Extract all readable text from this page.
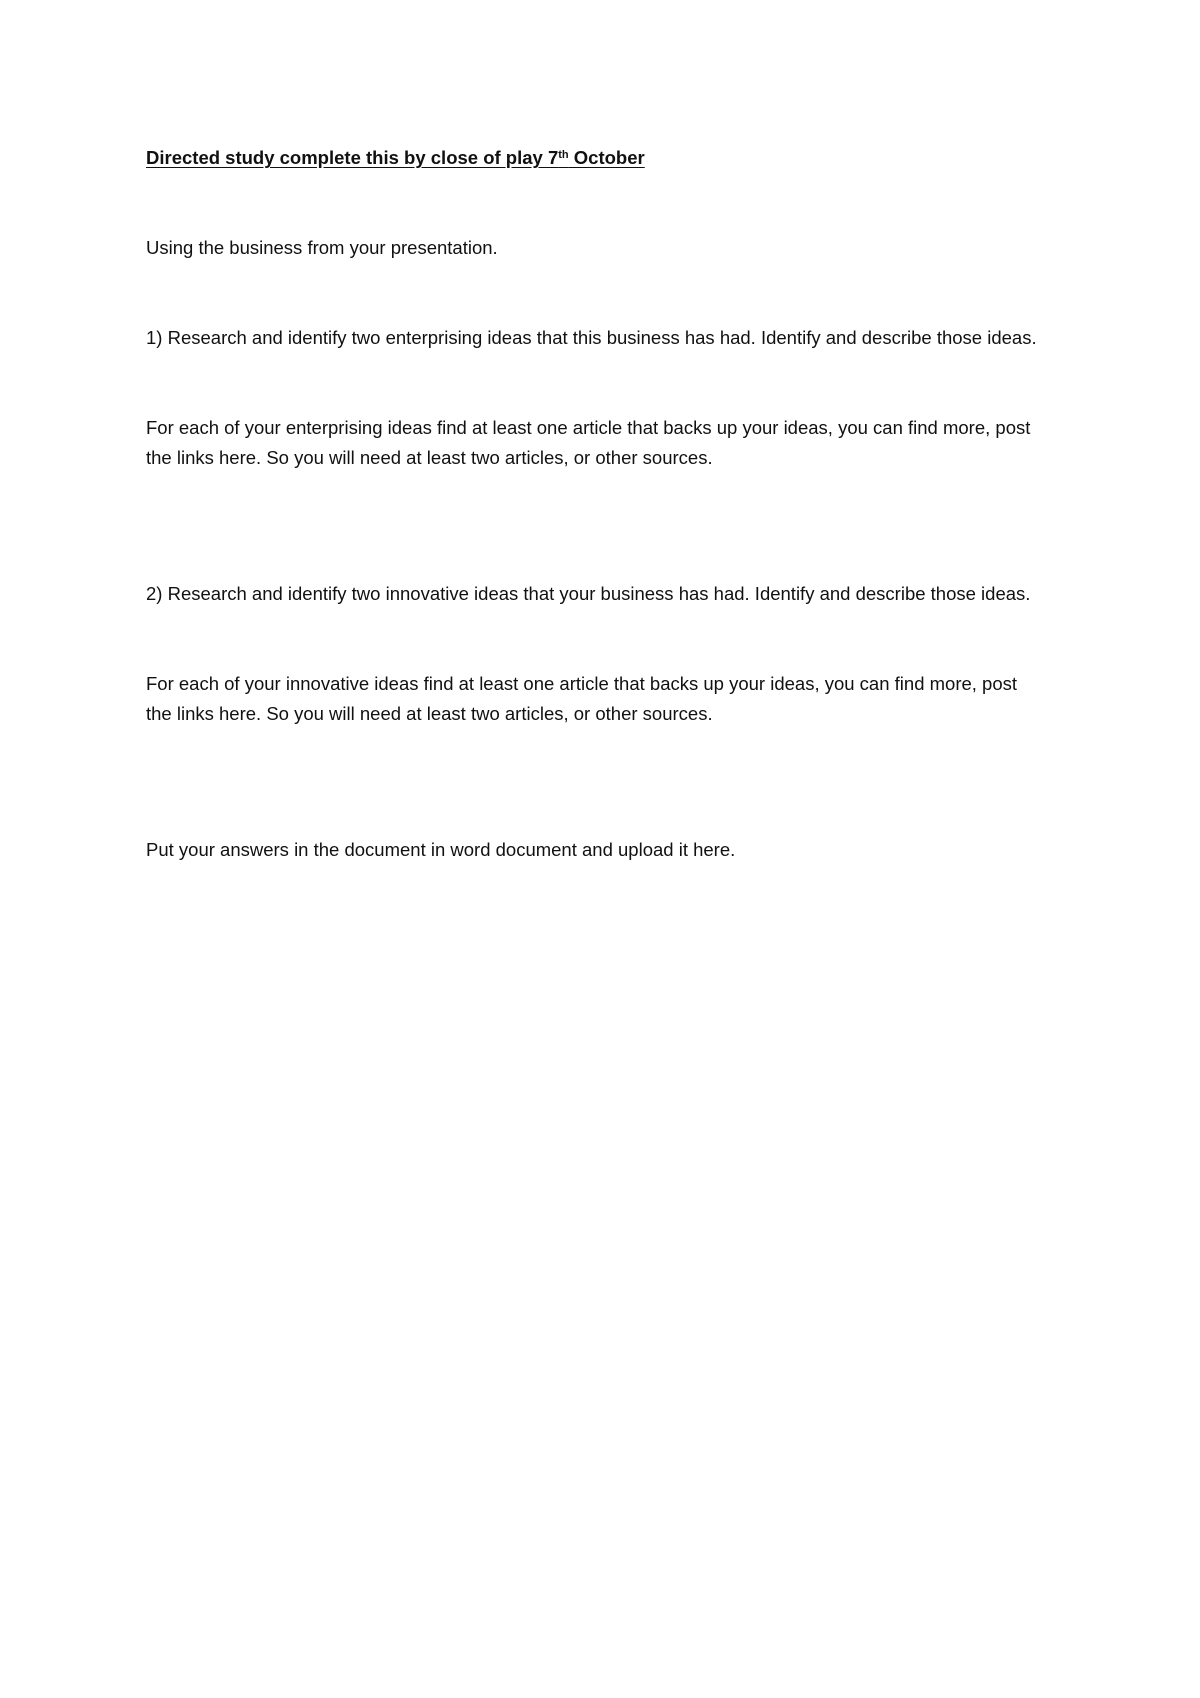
Directed study complete this by close of play 7th October

Using the business from your presentation.

1) Research and identify two enterprising ideas that this business has had. Identify and describe those ideas.

For each of your enterprising ideas find at least one article that backs up your ideas, you can find more, post the links here. So you will need at least two articles, or other sources.

2) Research and identify two innovative ideas that your business has had. Identify and describe those ideas.

For each of your innovative ideas find at least one article that backs up your ideas, you can find more, post the links here. So you will need at least two articles, or other sources.

Put your answers in the document in word document and upload it here.
